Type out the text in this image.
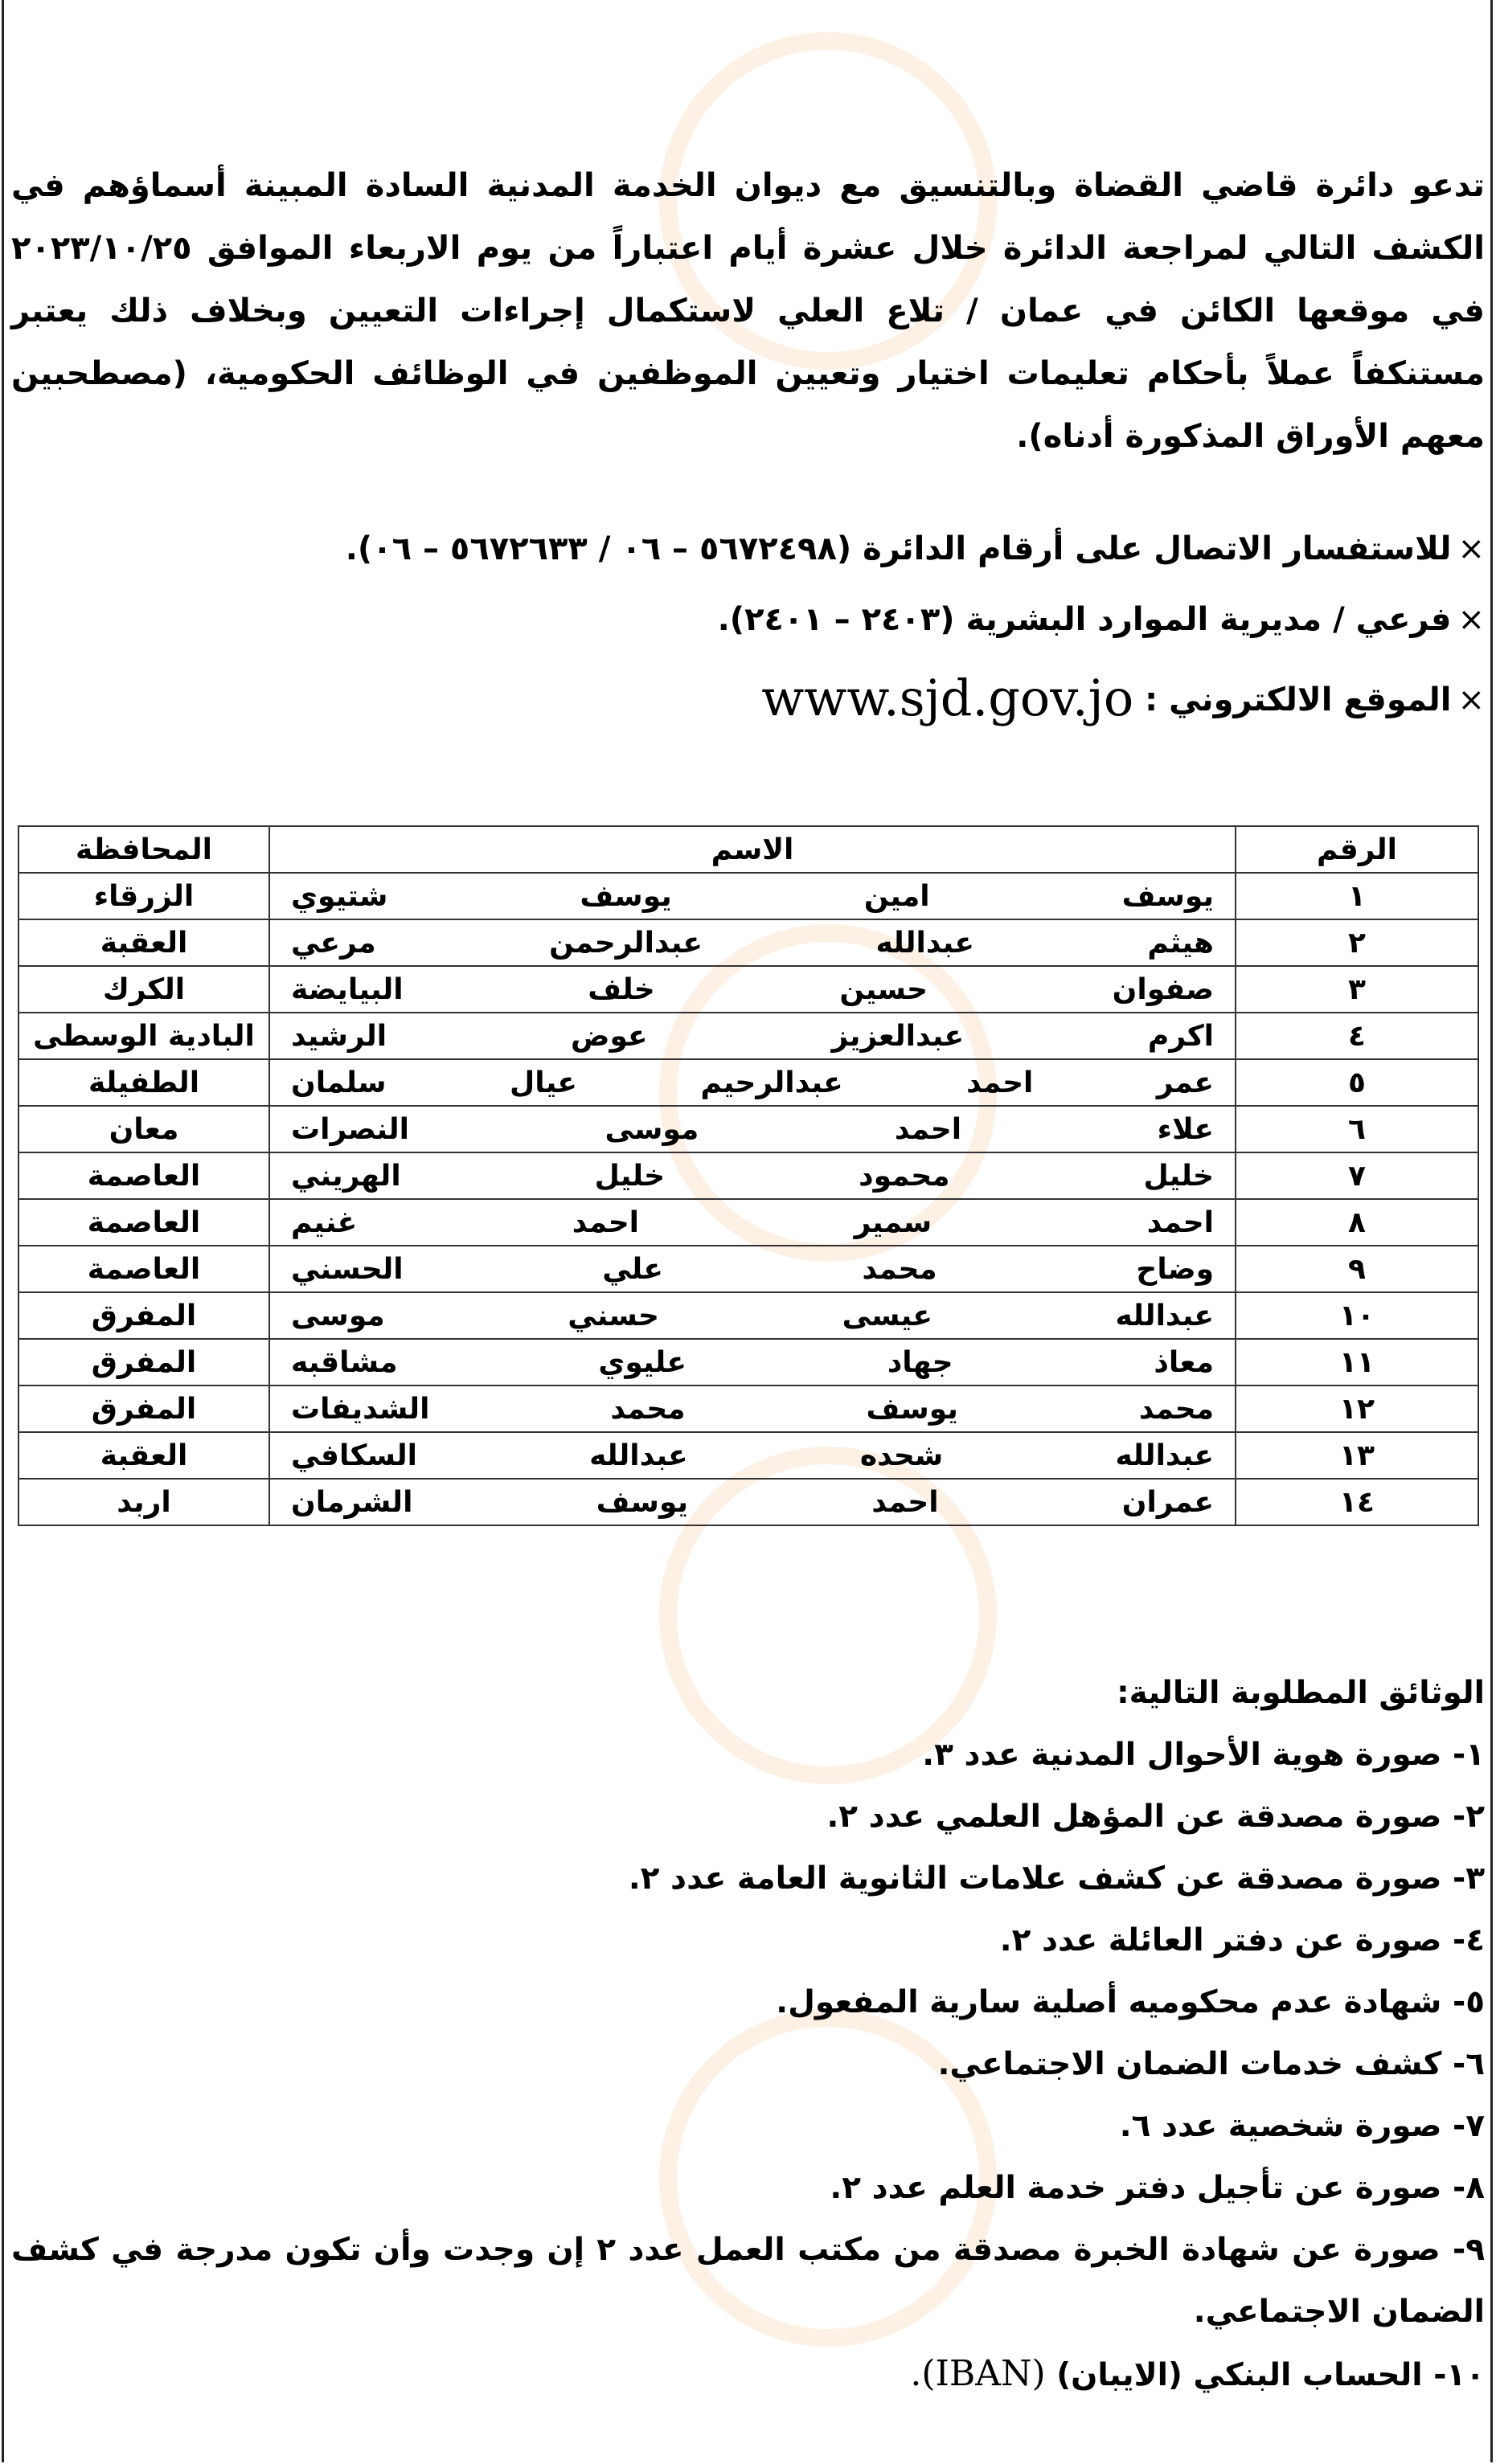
تدعو دائرة قاضي القضاة وبالتنسيق مع ديوان الخدمة المدنية السادة المبينة أسماؤهم في الكشف التالي لمراجعة الدائرة خلال عشرة أيام اعتباراً من يوم الاربعاء الموافق ٢٠٢٣/١٠/٢٥ في موقعها الكائن في عمان / تلاع العلي لاستكمال إجراءات التعيين وبخلاف ذلك يعتبر مستنكفاً عملاً بأحكام تعليمات اختيار وتعيين الموظفين في الوظائف الحكومية، (مصطحبين معهم الأوراق المذكورة أدناه).
×للاستفسار الاتصال على أرقام الدائرة (٥٦٧٢٤٩٨ – ٠٦ / ٥٦٧٢٦٣٣ – ٠٦).
×فرعي / مديرية الموارد البشرية (٢٤٠٣ – ٢٤٠١).
×الموقع الالكتروني :www.sjd.gov.jo
الرقم	الاسم	المحافظة
١	يوسف امين يوسف شتيوي	الزرقاء
٢	هيثم عبدالله عبدالرحمن مرعي	العقبة
٣	صفوان حسين خلف البيايضة	الكرك
٤	اكرم عبدالعزيز عوض الرشيد	البادية الوسطى
٥	عمر احمد عبدالرحيم عيال سلمان	الطفيلة
٦	علاء احمد موسى النصرات	معان
٧	خليل محمود خليل الهريني	العاصمة
٨	احمد سمير احمد غنيم	العاصمة
٩	وضاح محمد علي الحسني	العاصمة
١٠	عبدالله عيسى حسني موسى	المفرق
١١	معاذ جهاد عليوي مشاقبه	المفرق
١٢	محمد يوسف محمد الشديفات	المفرق
١٣	عبدالله شحده عبدالله السكافي	العقبة
١٤	عمران احمد يوسف الشرمان	اربد
الوثائق المطلوبة التالية:
١- صورة هوية الأحوال المدنية عدد ٣.
٢- صورة مصدقة عن المؤهل العلمي عدد ٢.
٣- صورة مصدقة عن كشف علامات الثانوية العامة عدد ٢.
٤- صورة عن دفتر العائلة عدد ٢.
٥- شهادة عدم محكوميه أصلية سارية المفعول.
٦- كشف خدمات الضمان الاجتماعي.
٧- صورة شخصية عدد ٦.
٨- صورة عن تأجيل دفتر خدمة العلم عدد ٢.
٩- صورة عن شهادة الخبرة مصدقة من مكتب العمل عدد ٢ إن وجدت وأن تكون مدرجة في كشف الضمان الاجتماعي.
١٠- الحساب البنكي (الايبان) (IBAN).
